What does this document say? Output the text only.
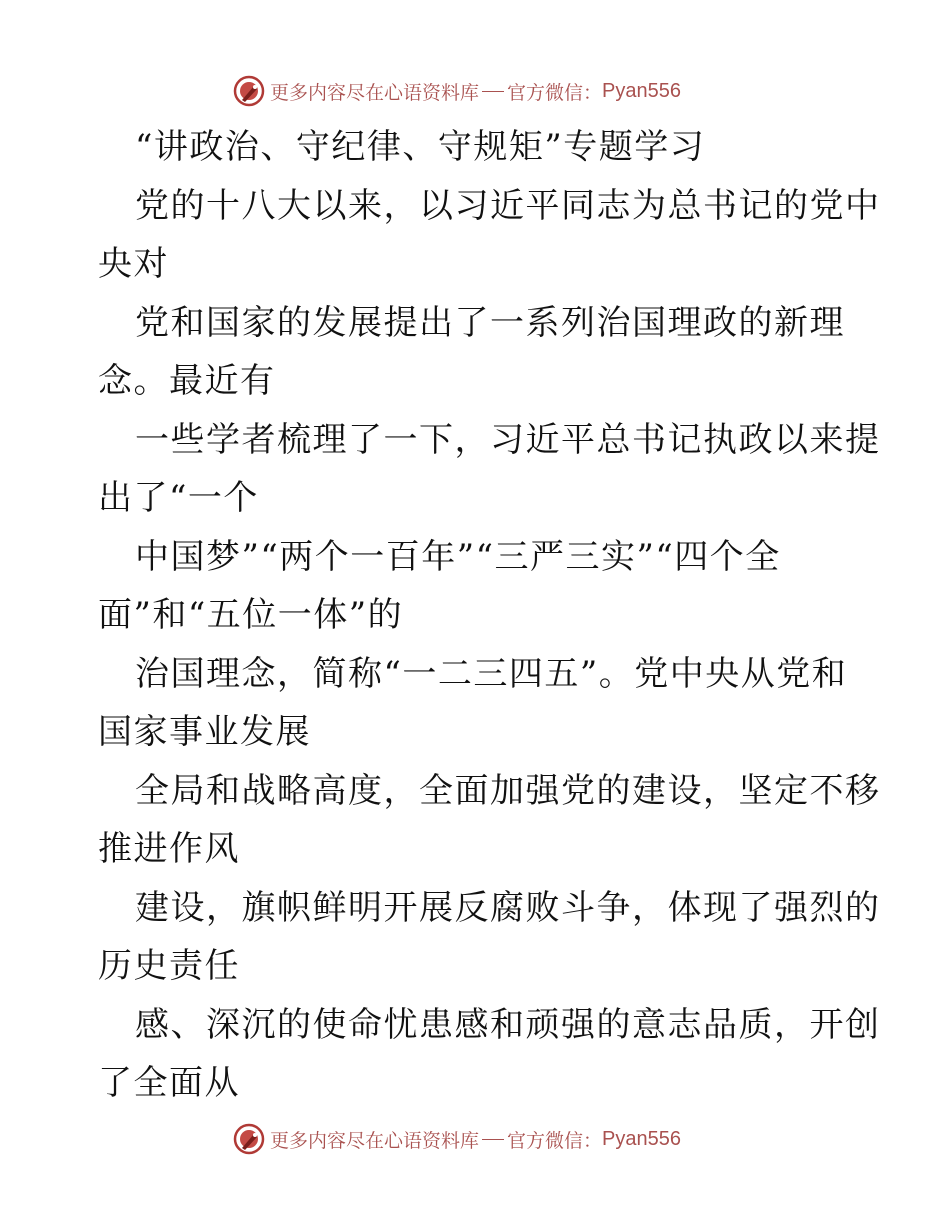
更多内容尽在心语资料库 官方微信： Pyan556
“讲政治、守纪律、守规矩”专题学习
党的十八大以来，以习近平同志为总书记的党中
央对
党和国家的发展提出了一系列治国理政的新理
念。最近有
一些学者梳理了一下，习近平总书记执政以来提
出了“一个
中国梦”“两个一百年”“三严三实”“四个全
面”和“五位一体”的
治国理念，简称“一二三四五”。党中央从党和
国家事业发展
全局和战略高度，全面加强党的建设，坚定不移
推进作风
建设，旗帜鲜明开展反腐败斗争，体现了强烈的
历史责任
感、深沉的使命忧患感和顽强的意志品质，开创
了全面从
更多内容尽在心语资料库 官方微信： Pyan556
